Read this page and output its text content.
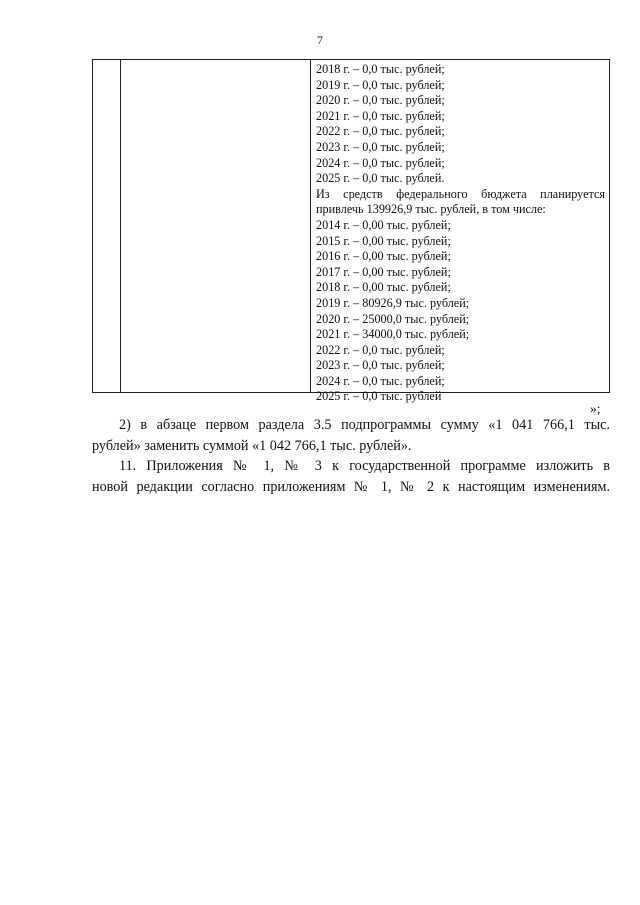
7
2018 г. – 0,0 тыс. рублей;
2019 г. – 0,0 тыс. рублей;
2020 г. – 0,0 тыс. рублей;
2021 г. – 0,0 тыс. рублей;
2022 г. – 0,0 тыс. рублей;
2023 г. – 0,0 тыс. рублей;
2024 г. – 0,0 тыс. рублей;
2025 г. – 0,0 тыс. рублей.
Из средств федерального бюджета планируется
привлечь 139926,9 тыс. рублей, в том числе:
2014 г. – 0,00 тыс. рублей;
2015 г. – 0,00 тыс. рублей;
2016 г. – 0,00 тыс. рублей;
2017 г. – 0,00 тыс. рублей;
2018 г. – 0,00 тыс. рублей;
2019 г. – 80926,9 тыс. рублей;
2020 г. – 25000,0 тыс. рублей;
2021 г. – 34000,0 тыс. рублей;
2022 г. – 0,0 тыс. рублей;
2023 г. – 0,0 тыс. рублей;
2024 г. – 0,0 тыс. рублей;
2025 г. – 0,0 тыс. рублей
»;
2) в абзаце первом раздела 3.5 подпрограммы сумму «1 041 766,1 тыс.
рублей» заменить суммой «1 042 766,1 тыс. рублей».
11. Приложения № 1, № 3 к государственной программе изложить в
новой редакции согласно приложениям № 1, № 2 к настоящим изменениям.
